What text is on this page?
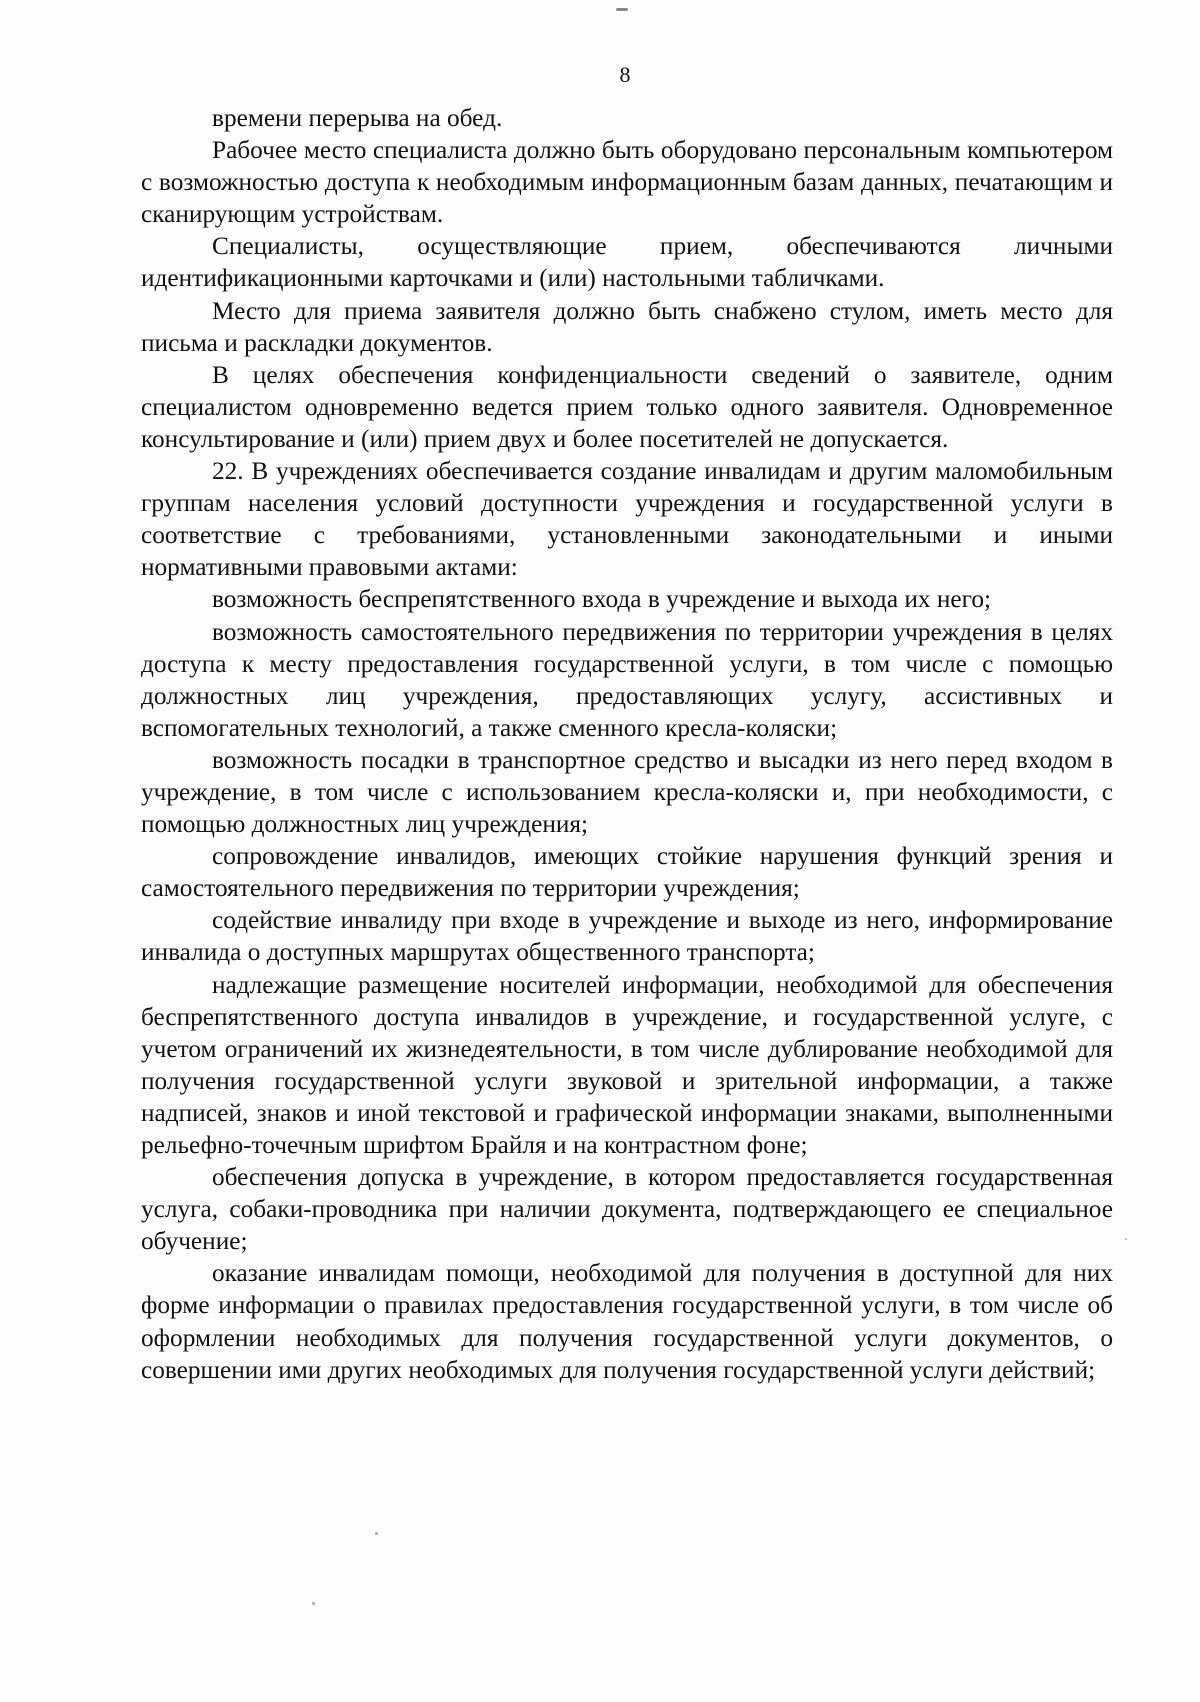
8

времени перерыва на обед.

Рабочее место специалиста должно быть оборудовано персональным компьютером с возможностью доступа к необходимым информационным базам данных, печатающим и сканирующим устройствам.

Специалисты, осуществляющие прием, обеспечиваются личными идентификационными карточками и (или) настольными табличками.

Место для приема заявителя должно быть снабжено стулом, иметь место для письма и раскладки документов.

В целях обеспечения конфиденциальности сведений о заявителе, одним специалистом одновременно ведется прием только одного заявителя. Одновременное консультирование и (или) прием двух и более посетителей не допускается.

22. В учреждениях обеспечивается создание инвалидам и другим маломобильным группам населения условий доступности учреждения и государственной услуги в соответствие с требованиями, установленными законодательными и иными нормативными правовыми актами:

возможность беспрепятственного входа в учреждение и выхода их него;

возможность самостоятельного передвижения по территории учреждения в целях доступа к месту предоставления государственной услуги, в том числе с помощью должностных лиц учреждения, предоставляющих услугу, ассистивных и вспомогательных технологий, а также сменного кресла-коляски;

возможность посадки в транспортное средство и высадки из него перед входом в учреждение, в том числе с использованием кресла-коляски и, при необходимости, с помощью должностных лиц учреждения;

сопровождение инвалидов, имеющих стойкие нарушения функций зрения и самостоятельного передвижения по территории учреждения;

содействие инвалиду при входе в учреждение и выходе из него, информирование инвалида о доступных маршрутах общественного транспорта;

надлежащие размещение носителей информации, необходимой для обеспечения беспрепятственного доступа инвалидов в учреждение, и государственной услуге, с учетом ограничений их жизнедеятельности, в том числе дублирование необходимой для получения государственной услуги звуковой и зрительной информации, а также надписей, знаков и иной текстовой и графической информации знаками, выполненными рельефно-точечным шрифтом Брайля и на контрастном фоне;

обеспечения допуска в учреждение, в котором предоставляется государственная услуга, собаки-проводника при наличии документа, подтверждающего ее специальное обучение;

оказание инвалидам помощи, необходимой для получения в доступной для них форме информации о правилах предоставления государственной услуги, в том числе об оформлении необходимых для получения государственной услуги документов, о совершении ими других необходимых для получения государственной услуги действий;
